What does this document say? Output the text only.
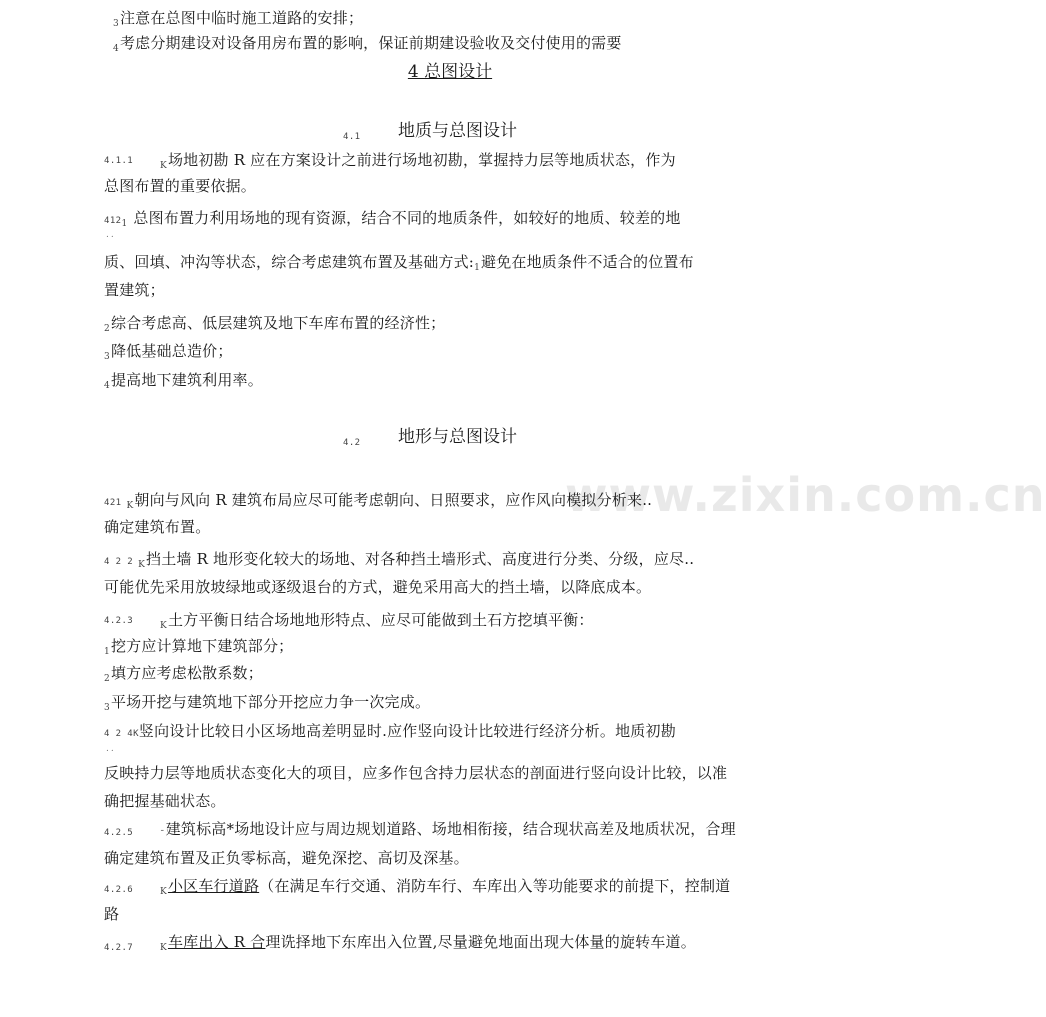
www.zixin.com.cn
$_3$注意在总图中临时施工道路的安排；
$_4$考虑分期建设对设备用房布置的影响，保证前期建设验收及交付使用的需要
4 总图设计
4.1 地质与总图设计
4.1.1	$_K$场地初勘 R 应在方案设计之前进行场地初勘，掌握持力层等地质状态，作为
总图布置的重要依据。
$412_1$ 总图布置力利用场地的现有资源，结合不同的地质条件，如较好的地质、较差的地
..
质、回填、冲沟等状态，综合考虑建筑布置及基础方式$:_1$避免在地质条件不适合的位置布
置建筑；
$_2$综合考虑高、低层建筑及地下车库布置的经济性；
$_3$降低基础总造价；
$_4$提高地下建筑利用率。
4.2 地形与总图设计
421 $_K$朝向与风向 R 建筑布局应尽可能考虑朝向、日照要求，应作风向模拟分析来..
确定建筑布置。
4 2 2 $_K$挡土墙 R 地形变化较大的场地、对各种挡土墙形式、高度进行分类、分级，应尽..
可能优先采用放坡绿地或逐级退台的方式，避免采用高大的挡土墙，以降底成本。
4.2.3	$_K$土方平衡日结合场地地形特点、应尽可能做到土石方挖填平衡：
$_1$挖方应计算地下建筑部分；
$_2$填方应考虑松散系数；
$_3$平场开挖与建筑地下部分开挖应力争一次完成。
4 2 4K竖向设计比较日小区场地高差明显时.应作竖向设计比较进行经济分析。地质初勘
..
反映持力层等地质状态变化大的项目，应多作包含持力层状态的剖面进行竖向设计比较，以准
确把握基础状态。
4.2.5	$_ˉ$建筑标高*场地设计应与周边规划道路、场地相衔接，结合现状高差及地质状况，合理
确定建筑布置及正负零标高，避免深挖、高切及深基。
4.2.6	$_K$小区车行道路（在满足车行交通、消防车行、车库出入等功能要求的前提下，控制道
路
4.2.7	$_K$车库出入 R 合理诜择地下东库出入位置,尽量避免地面出现大体量的旋转车道。
